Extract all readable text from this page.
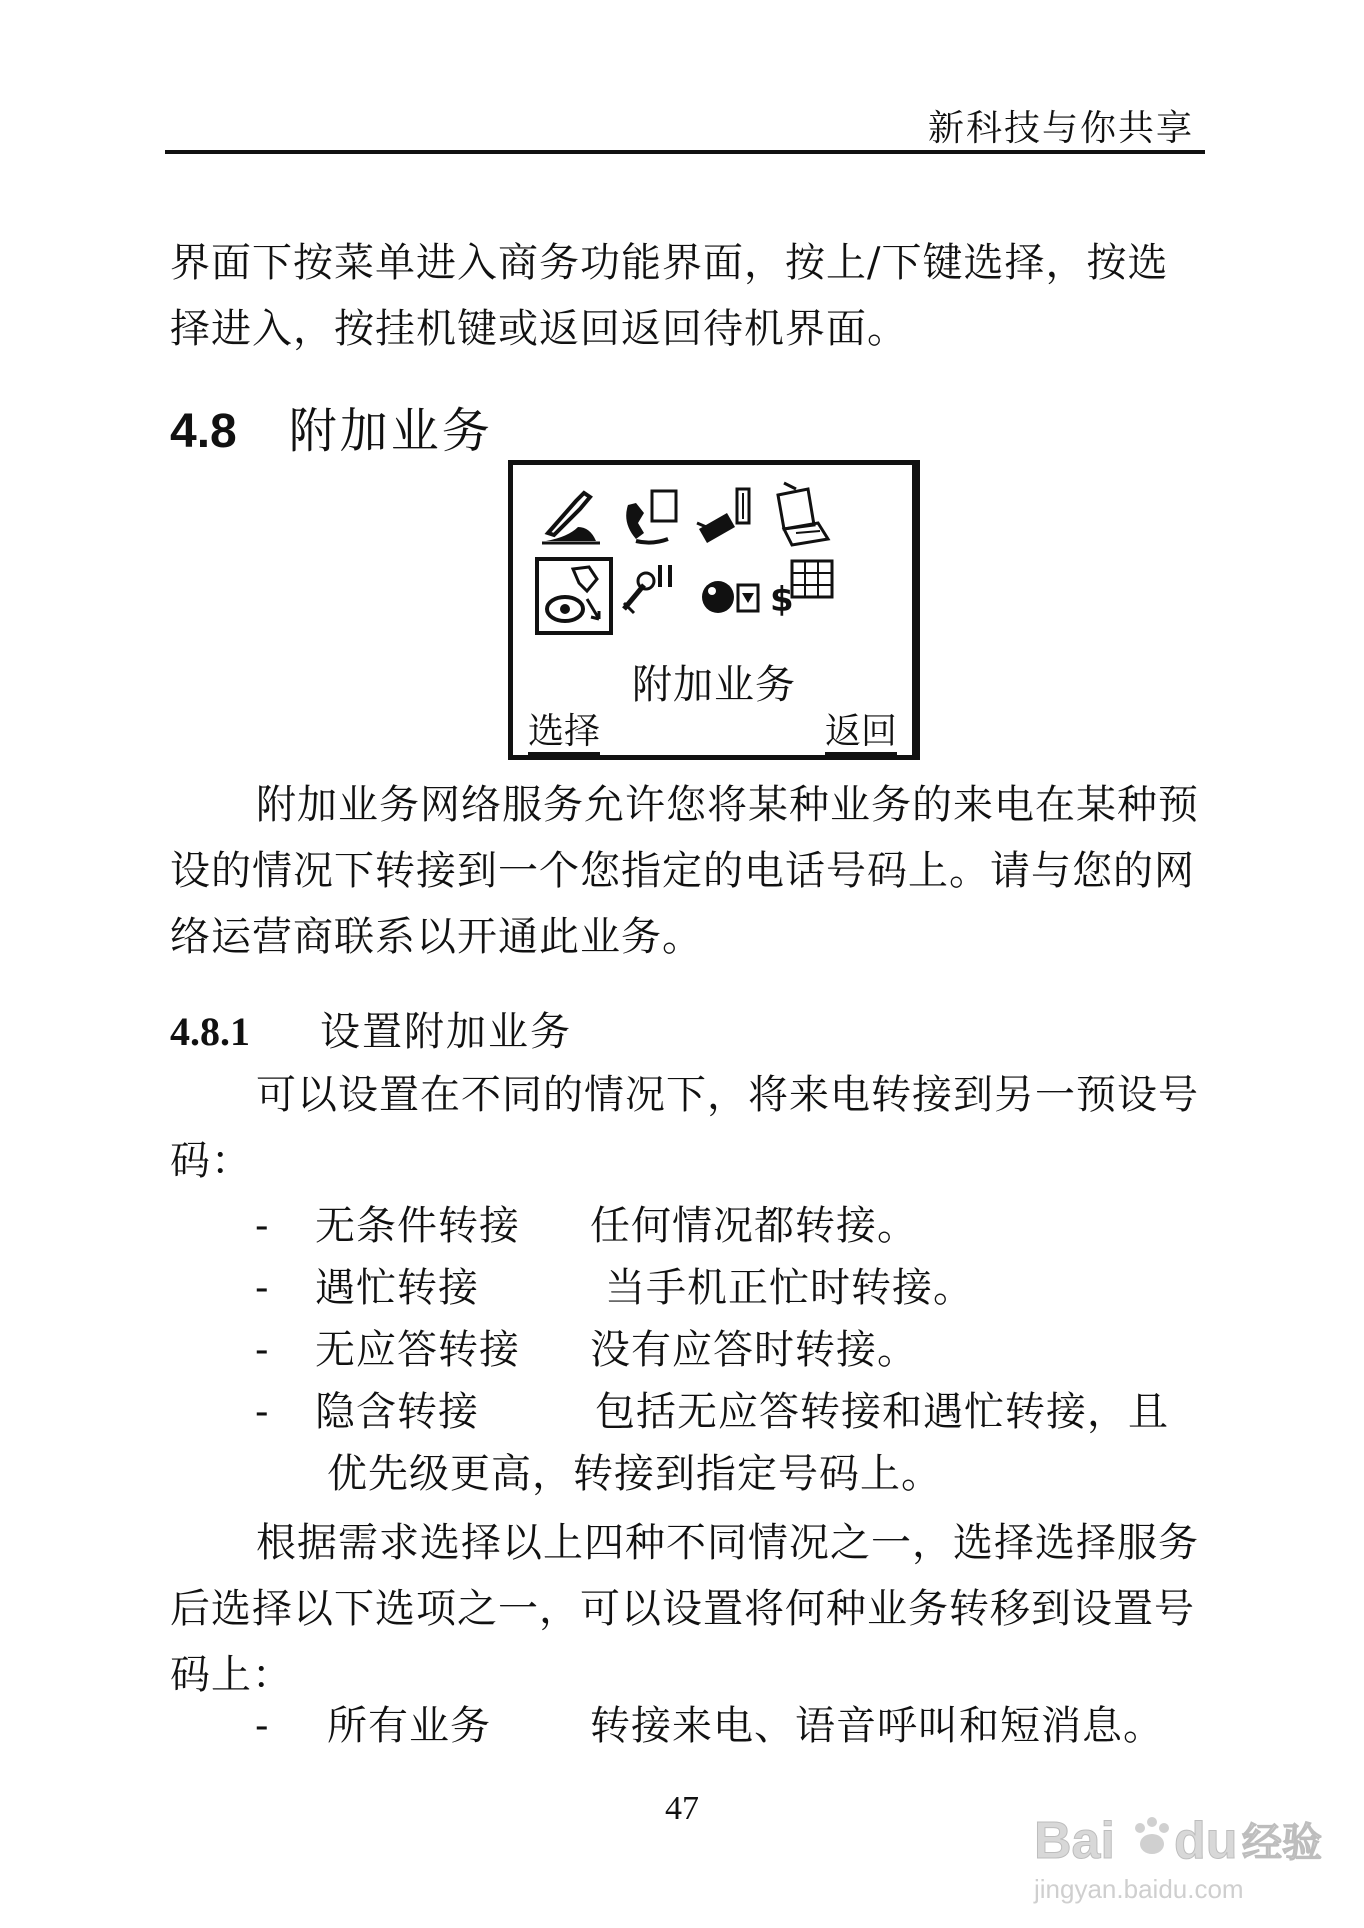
新科技与你共享
界面下按菜单进入商务功能界面，按上/下键选择，按选择进入，按挂机键或返回返回待机界面。
4.8 附加业务
$
附加业务
选择	返回
附加业务网络服务允许您将某种业务的来电在某种预设的情况下转接到一个您指定的电话号码上。请与您的网络运营商联系以开通此业务。
4.8.1 设置附加业务
可以设置在不同的情况下，将来电转接到另一预设号码：
- 无条件转接 任何情况都转接。
- 遇忙转接	当手机正忙时转接。
- 无应答转接 没有应答时转接。
- 隐含转接	包括无应答转接和遇忙转接，且
优先级更高，转接到指定号码上。
根据需求选择以上四种不同情况之一，选择选择服务后选择以下选项之一，可以设置将何种业务转移到设置号码上：
- 所有业务 转接来电、语音呼叫和短消息。
47
Bai du 经验
jingyan.baidu.com
